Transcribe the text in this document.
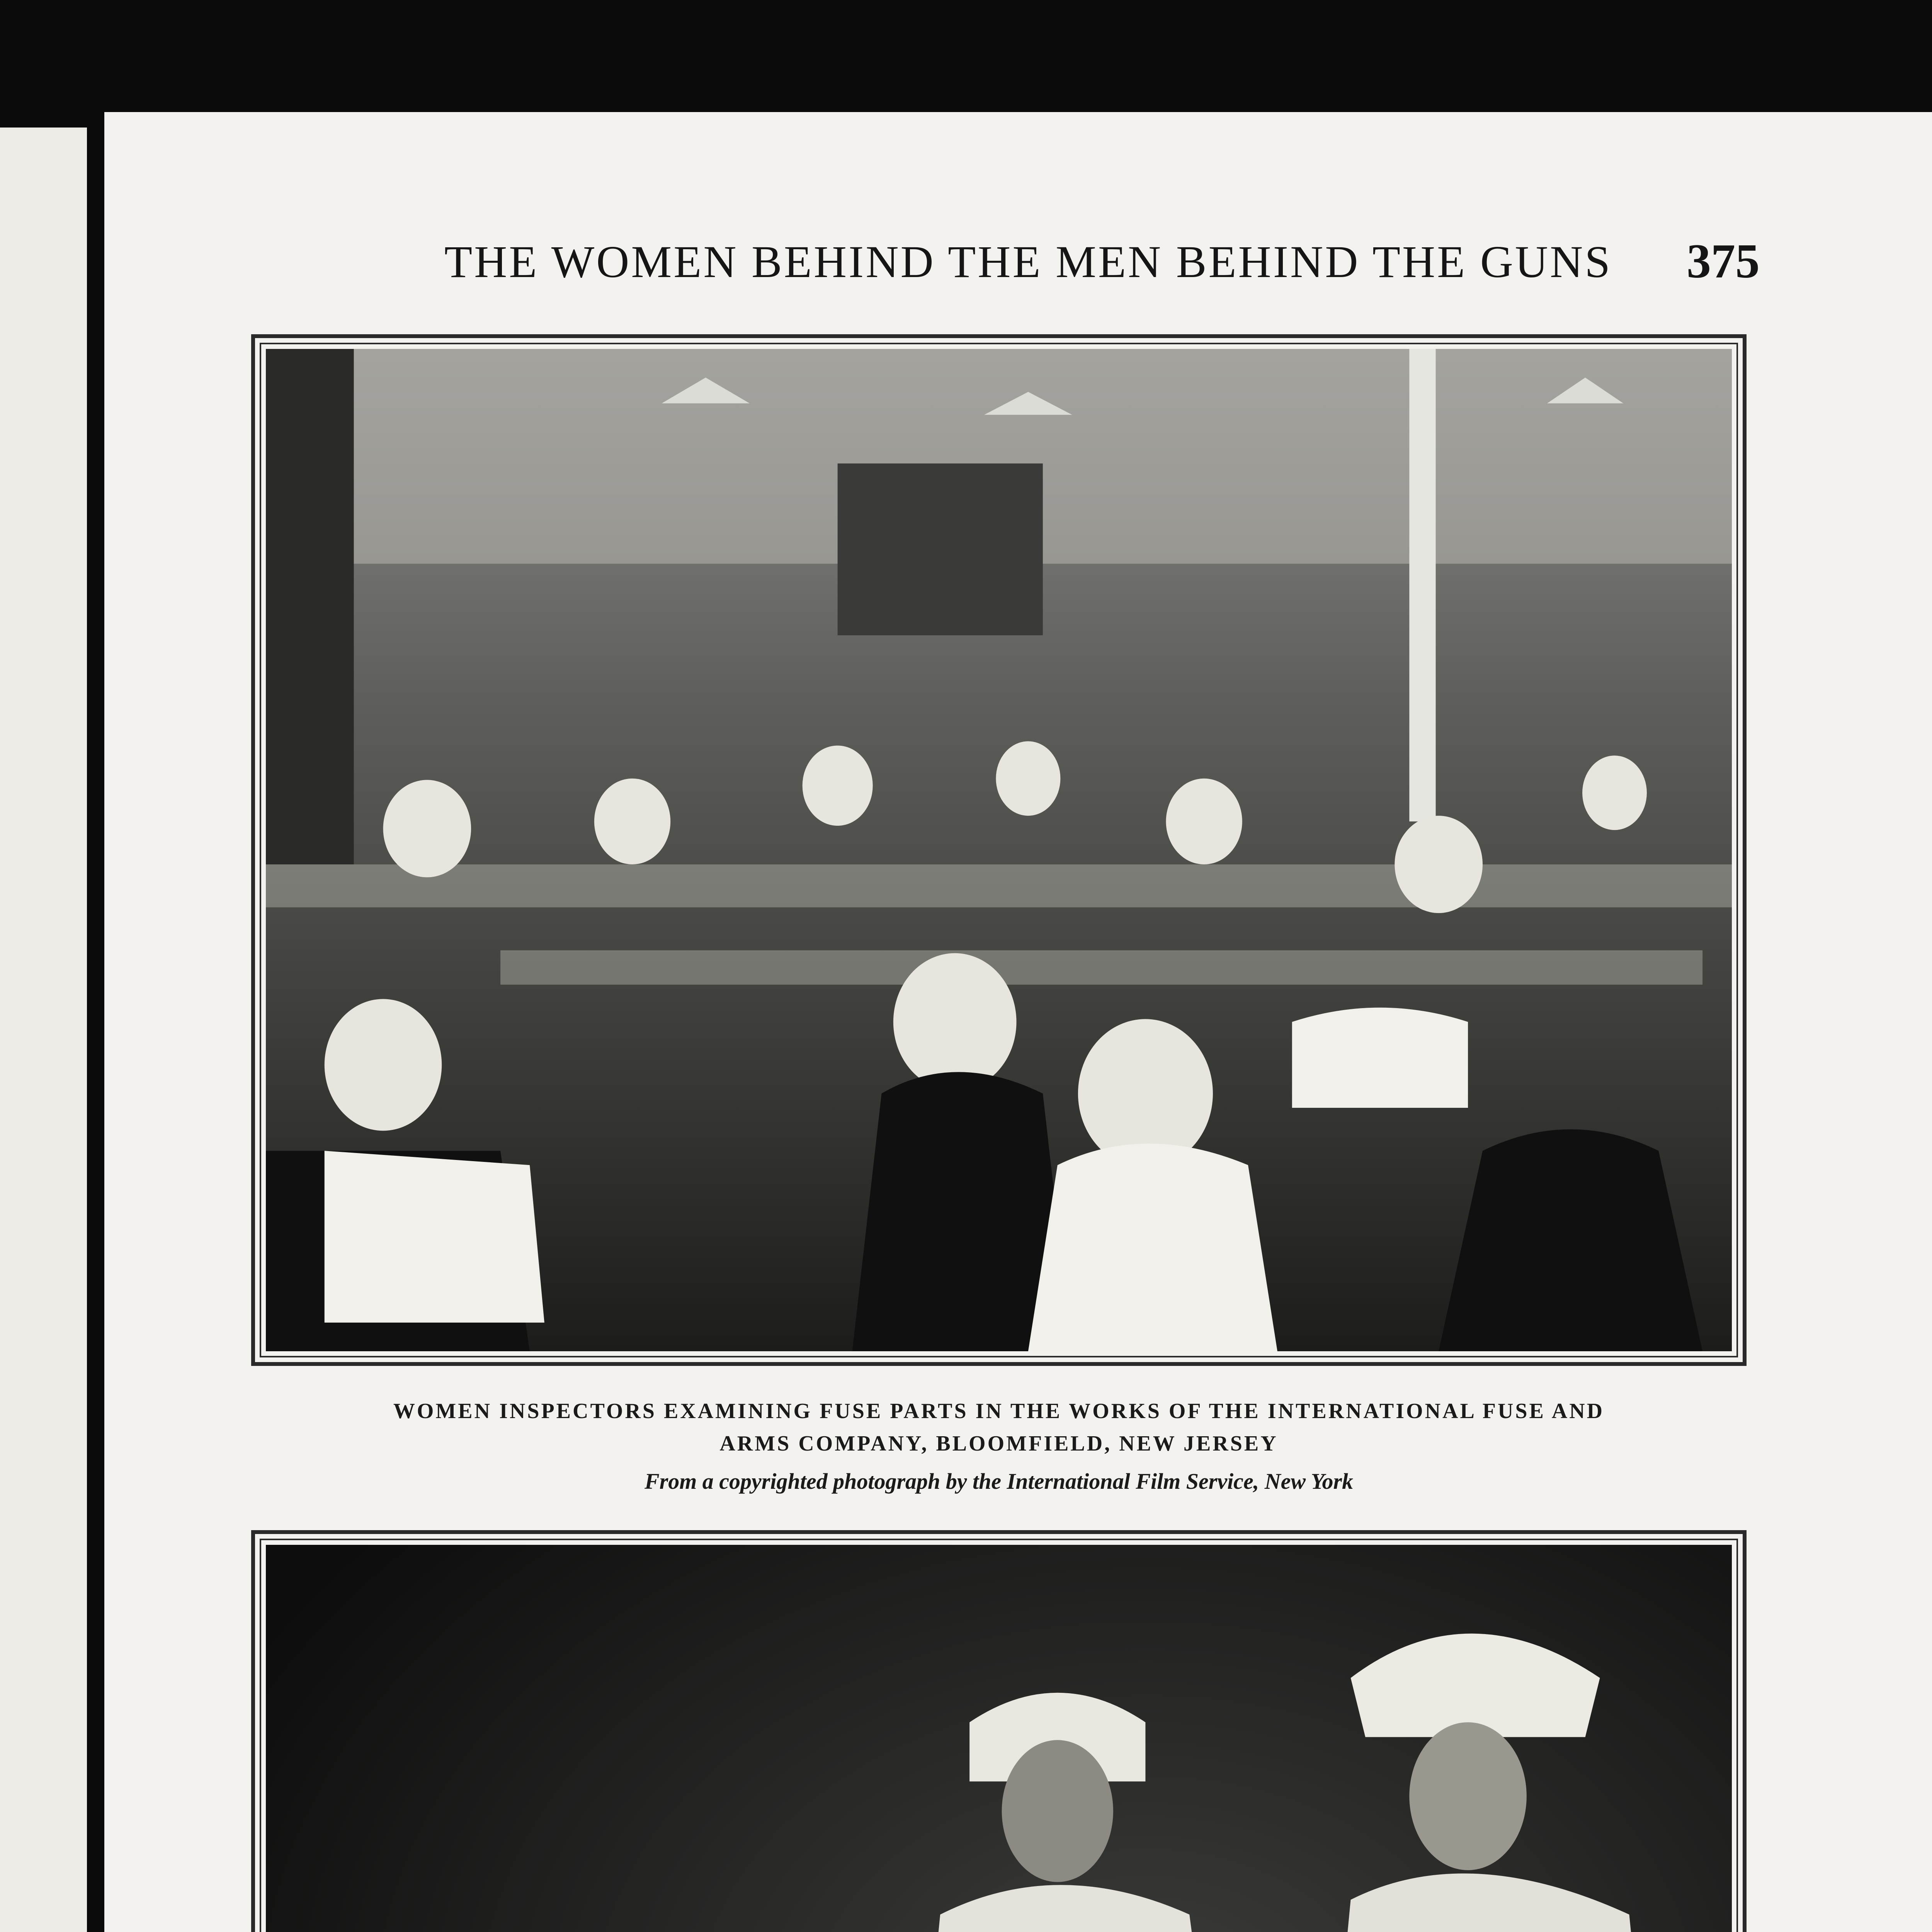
THE WOMEN BEHIND THE MEN BEHIND THE GUNS 375
WOMEN INSPECTORS EXAMINING FUSE PARTS IN THE WORKS OF THE INTERNATIONAL FUSE AND
ARMS COMPANY, BLOOMFIELD, NEW JERSEY
From a copyrighted photograph by the International Film Service, New York
